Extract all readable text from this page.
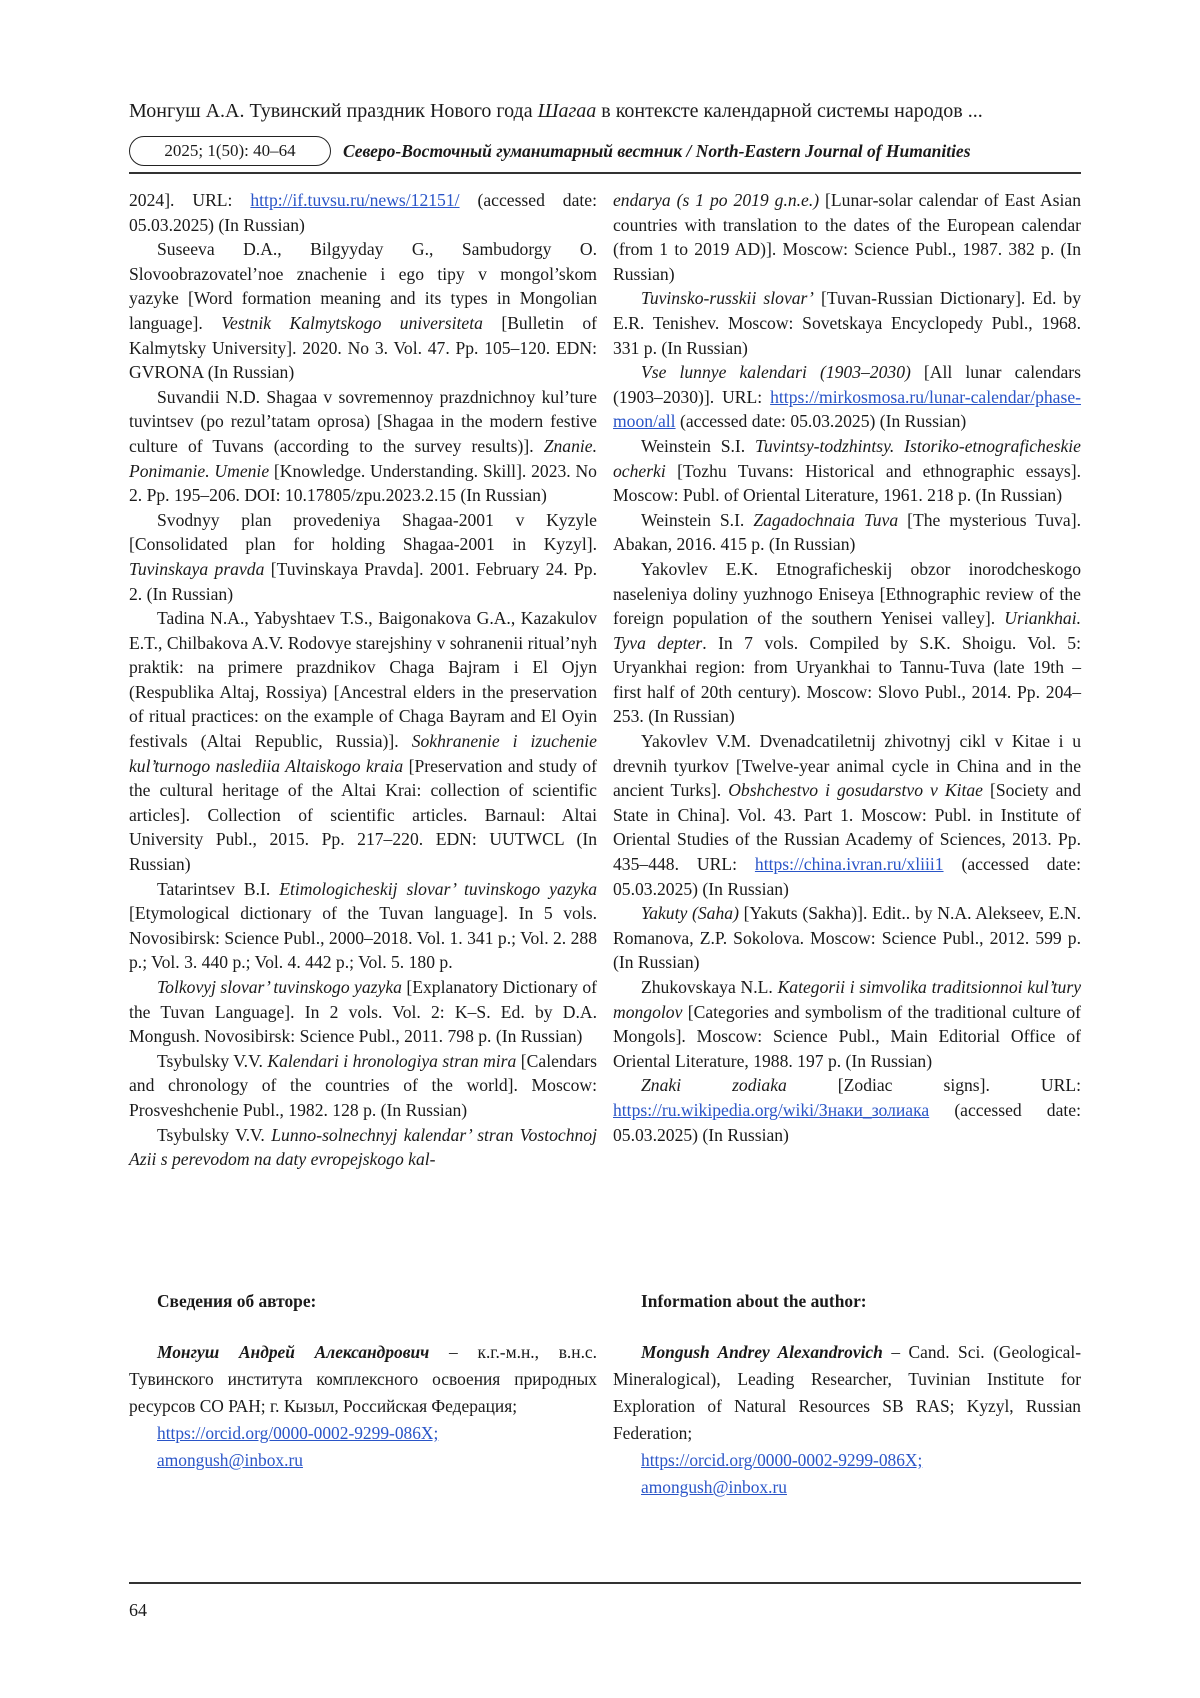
Монгуш А.А. Тувинский праздник Нового года Шагаа в контексте календарной системы народов ...
2025; 1(50): 40–64	Северо-Восточный гуманитарный вестник / North-Eastern Journal of Humanities

2024]. URL: http://if.tuvsu.ru/news/12151/ (accessed date: 05.03.2025) (In Russian)

Suseeva D.A., Bilgyyday G., Sambudorgy O. Slovoobrazovatel’noe znachenie i ego tipy v mongol’skom yazyke [Word formation meaning and its types in Mongolian language]. Vestnik Kalmytskogo universiteta [Bulletin of Kalmytsky University]. 2020. No 3. Vol. 47. Pp. 105–120. EDN: GVRONA (In Russian)

Suvandii N.D. Shagaa v sovremennoy prazdnichnoy kul’ture tuvintsev (po rezul’tatam oprosa) [Shagaa in the modern festive culture of Tuvans (according to the survey results)]. Znanie. Ponimanie. Umenie [Knowledge. Understanding. Skill]. 2023. No 2. Pp. 195–206. DOI: 10.17805/zpu.2023.2.15 (In Russian)

Svodnyy plan provedeniya Shagaa-2001 v Kyzyle [Consolidated plan for holding Shagaa-2001 in Kyzyl]. Tuvinskaya pravda [Tuvinskaya Pravda]. 2001. February 24. Pp. 2. (In Russian)

Tadina N.A., Yabyshtaev T.S., Baigonakova G.A., Kazakulov E.T., Chilbakova A.V. Rodovye starejshiny v sohranenii ritual’nyh praktik: na primere prazdnikov Chaga Bajram i El Ojyn (Respublika Altaj, Rossiya) [Ancestral elders in the preservation of ritual practices: on the example of Chaga Bayram and El Oyin festivals (Altai Republic, Russia)]. Sokhranenie i izuchenie kul’turnogo naslediia Altaiskogo kraia [Preservation and study of the cultural heritage of the Altai Krai: collection of scientific articles]. Collection of scientific articles. Barnaul: Altai University Publ., 2015. Pp. 217–220. EDN: UUTWCL (In Russian)

Tatarintsev B.I. Etimologicheskij slovar’ tuvinskogo yazyka [Etymological dictionary of the Tuvan language]. In 5 vols. Novosibirsk: Science Publ., 2000–2018. Vol. 1. 341 p.; Vol. 2. 288 p.; Vol. 3. 440 p.; Vol. 4. 442 p.; Vol. 5. 180 p.

Tolkovyj slovar’ tuvinskogo yazyka [Explanatory Dictionary of the Tuvan Language]. In 2 vols. Vol. 2: K–S. Ed. by D.A. Mongush. Novosibirsk: Science Publ., 2011. 798 p. (In Russian)

Tsybulsky V.V. Kalendari i hronologiya stran mira [Calendars and chronology of the countries of the world]. Moscow: Prosveshchenie Publ., 1982. 128 p. (In Russian)

Tsybulsky V.V. Lunno-solnechnyj kalendar’ stran Vostochnoj Azii s perevodom na daty evropejskogo kal-

endarya (s 1 po 2019 g.n.e.) [Lunar-solar calendar of East Asian countries with translation to the dates of the European calendar (from 1 to 2019 AD)]. Moscow: Science Publ., 1987. 382 p. (In Russian)

Tuvinsko-russkii slovar’ [Tuvan-Russian Dictionary]. Ed. by E.R. Tenishev. Moscow: Sovetskaya Encyclopedy Publ., 1968. 331 p. (In Russian)

Vse lunnye kalendari (1903–2030) [All lunar calendars (1903–2030)]. URL: https://mirkosmosa.ru/lunar-calendar/phase-moon/all (accessed date: 05.03.2025) (In Russian)

Weinstein S.I. Tuvintsy-todzhintsy. Istoriko-etnograficheskie ocherki [Tozhu Tuvans: Historical and ethnographic essays]. Moscow: Publ. of Oriental Literature, 1961. 218 p. (In Russian)

Weinstein S.I. Zagadochnaia Tuva [The mysterious Tuva]. Abakan, 2016. 415 p. (In Russian)

Yakovlev E.K. Etnograficheskij obzor inorodcheskogo naseleniya doliny yuzhnogo Eniseya [Ethnographic review of the foreign population of the southern Yenisei valley]. Uriankhai. Tyva depter. In 7 vols. Compiled by S.K. Shoigu. Vol. 5: Uryankhai region: from Uryankhai to Tannu-Tuva (late 19th – first half of 20th century). Moscow: Slovo Publ., 2014. Pp. 204–253. (In Russian)

Yakovlev V.M. Dvenadcatiletnij zhivotnyj cikl v Kitae i u drevnih tyurkov [Twelve-year animal cycle in China and in the ancient Turks]. Obshchestvo i gosudarstvo v Kitae [Society and State in China]. Vol. 43. Part 1. Moscow: Publ. in Institute of Oriental Studies of the Russian Academy of Sciences, 2013. Pp. 435–448. URL: https://china.ivran.ru/xliii1 (accessed date: 05.03.2025) (In Russian)

Yakuty (Saha) [Yakuts (Sakha)]. Edit.. by N.A. Alekseev, E.N. Romanova, Z.P. Sokolova. Moscow: Science Publ., 2012. 599 p. (In Russian)

Zhukovskaya N.L. Kategorii i simvolika traditsionnoi kul’tury mongolov [Categories and symbolism of the traditional culture of Mongols]. Moscow: Science Publ., Main Editorial Office of Oriental Literature, 1988. 197 p. (In Russian)

Znaki zodiaka [Zodiac signs]. URL: https://ru.wikipedia.org/wiki/Знаки_золиака (accessed date: 05.03.2025) (In Russian)

Сведения об авторе:

Монгуш Андрей Александрович – к.г.-м.н., в.н.с. Тувинского института комплексного освоения природных ресурсов СО РАН; г. Кызыл, Российская Федерация;

https://orcid.org/0000-0002-9299-086X;
amongush@inbox.ru

Information about the author:

Mongush Andrey Alexandrovich – Cand. Sci. (Geological-Mineralogical), Leading Researcher, Tuvinian Institute for Exploration of Natural Resources SB RAS; Kyzyl, Russian Federation;

https://orcid.org/0000-0002-9299-086X;
amongush@inbox.ru
64
